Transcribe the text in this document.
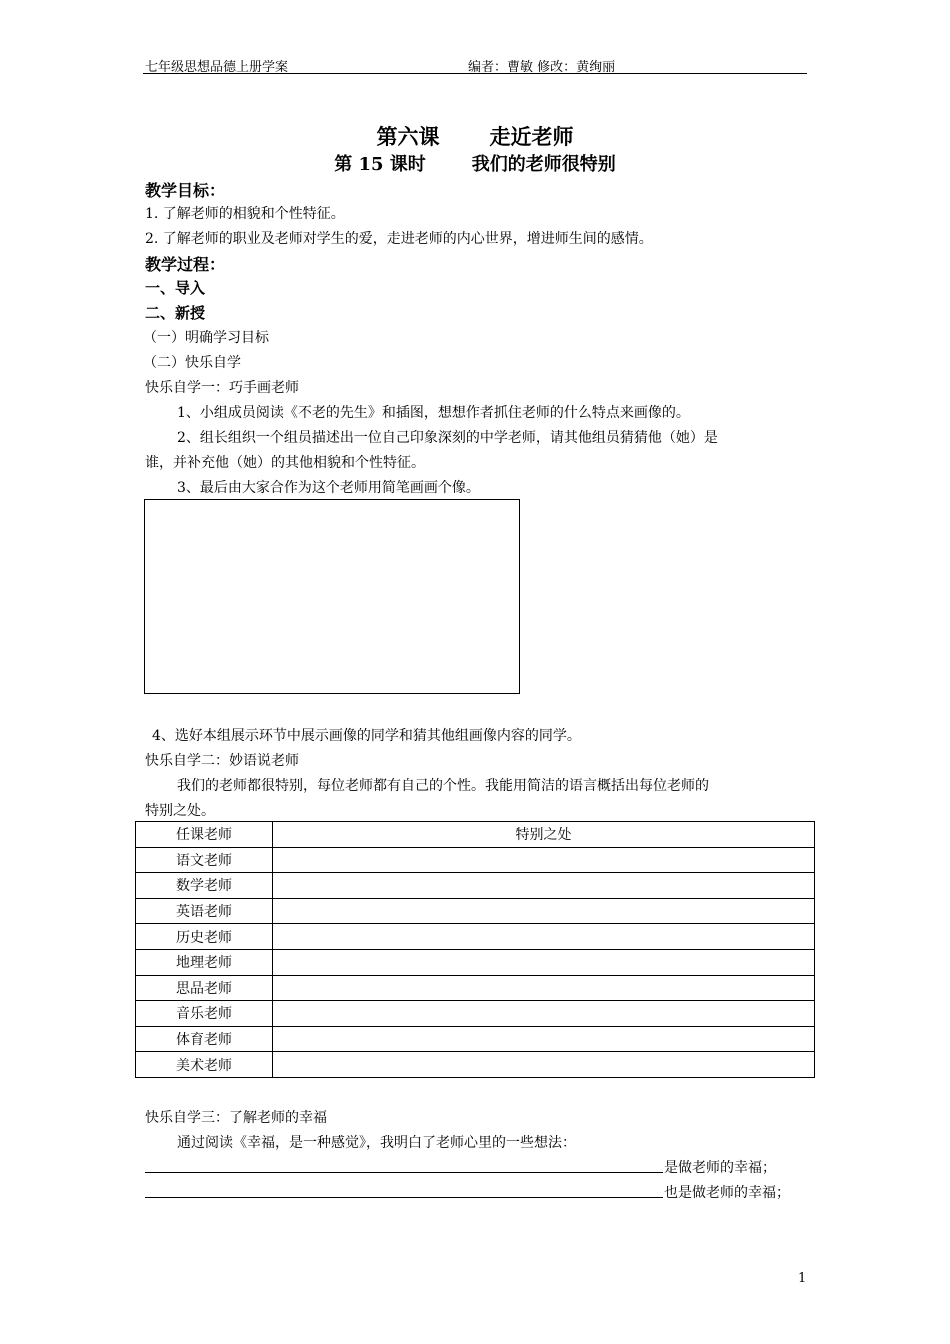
七年级思想品德上册学案	编者：曹敏 修改：黄绚丽
第六课 走近老师
第 15 课时	我们的老师很特别
教学目标：
1. 了解老师的相貌和个性特征。
2. 了解老师的职业及老师对学生的爱，走进老师的内心世界，增进师生间的感情。
教学过程：
一、导入
二、新授
（一）明确学习目标
（二）快乐自学
快乐自学一：巧手画老师
1、小组成员阅读《不老的先生》和插图，想想作者抓住老师的什么特点来画像的。
2、组长组织一个组员描述出一位自己印象深刻的中学老师，请其他组员猜猜他（她）是
谁，并补充他（她）的其他相貌和个性特征。
3、最后由大家合作为这个老师用简笔画画个像。
4、选好本组展示环节中展示画像的同学和猜其他组画像内容的同学。
快乐自学二：妙语说老师
我们的老师都很特别，每位老师都有自己的个性。我能用简洁的语言概括出每位老师的
特别之处。
任课老师	特别之处
语文老师	
数学老师	
英语老师	
历史老师	
地理老师	
思品老师	
音乐老师	
体育老师	
美术老师	
快乐自学三：了解老师的幸福
通过阅读《幸福，是一种感觉》，我明白了老师心里的一些想法：
是做老师的幸福；
也是做老师的幸福；
1
